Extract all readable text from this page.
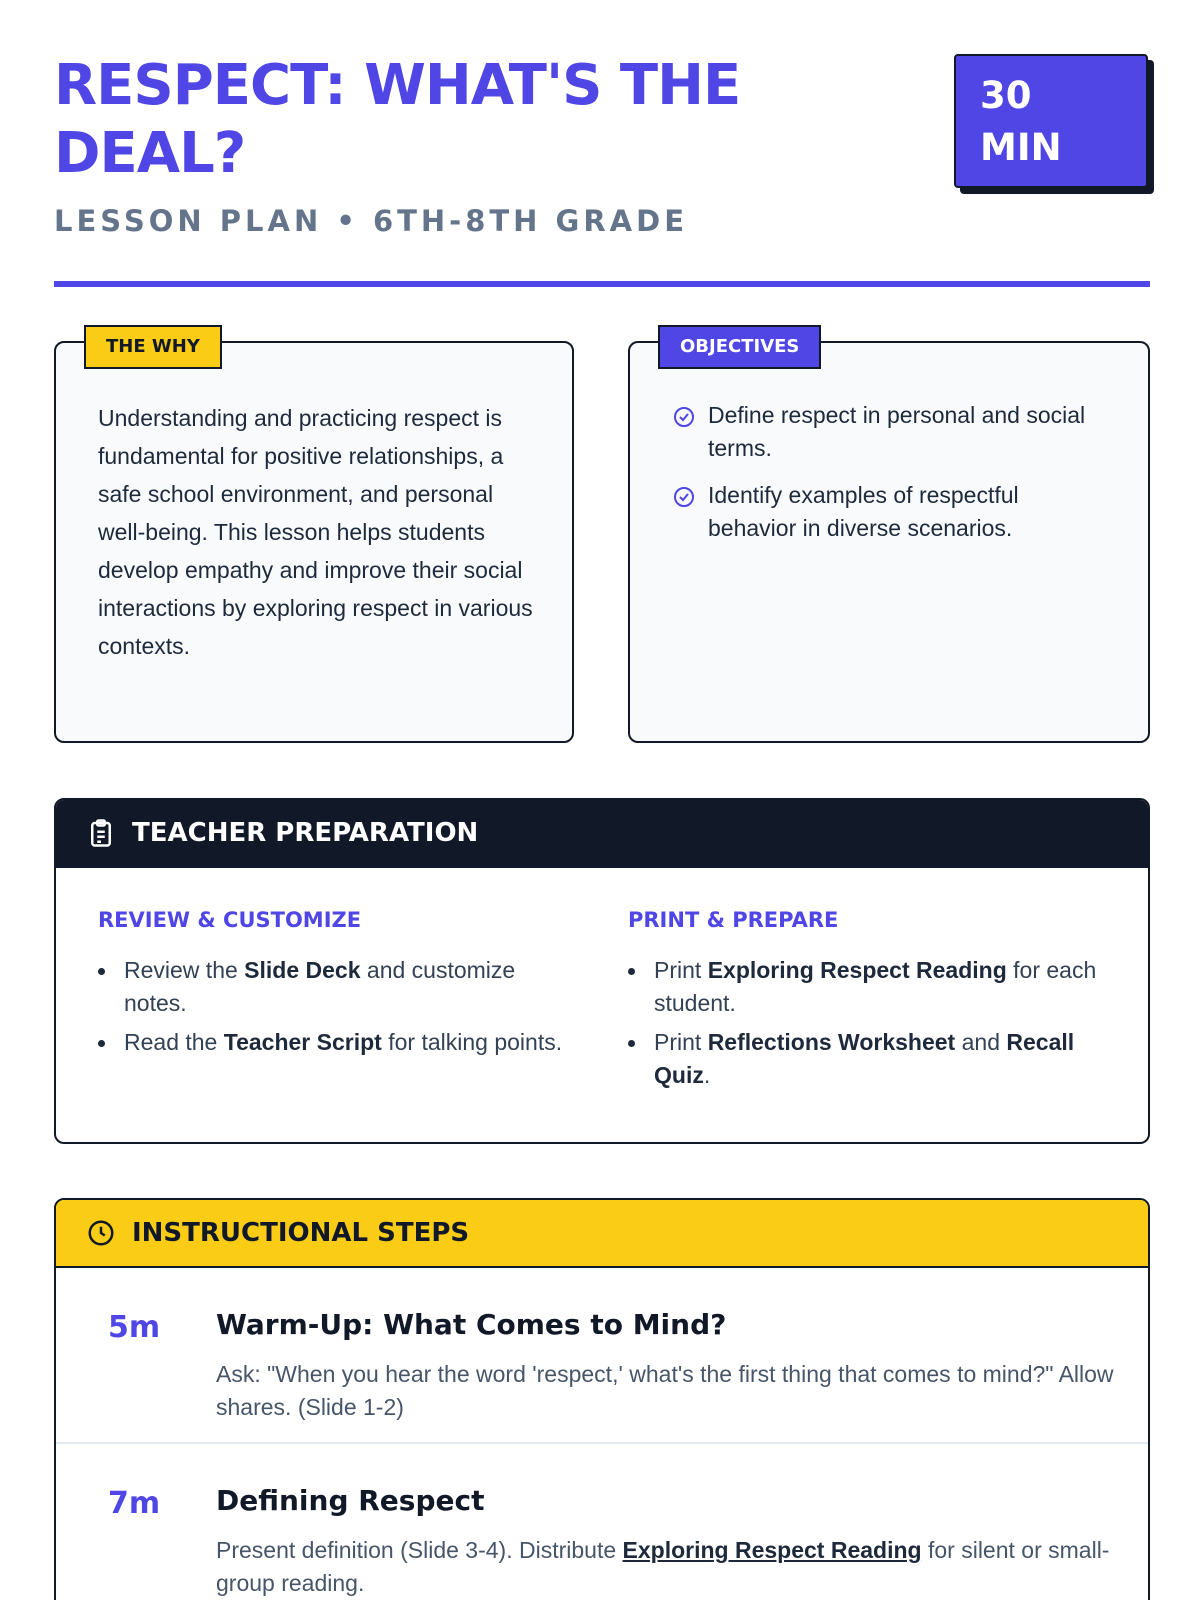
RESPECT: WHAT'S THE DEAL?
LESSON PLAN • 6TH-8TH GRADE
30 MIN
THE WHY

Understanding and practicing respect is fundamental for positive relationships, a safe school environment, and personal well-being. This lesson helps students develop empathy and improve their social interactions by exploring respect in various contexts.

OBJECTIVES
Define respect in personal and social terms.
Identify examples of respectful behavior in diverse scenarios.
TEACHER PREPARATION
REVIEW & CUSTOMIZE
Review the Slide Deck and customize notes.
Read the Teacher Script for talking points.
PRINT & PREPARE
Print Exploring Respect Reading for each student.
Print Reflections Worksheet and Recall Quiz.
INSTRUCTIONAL STEPS
5m Warm-Up: What Comes to Mind?

Ask: "When you hear the word 'respect,' what's the first thing that comes to mind?" Allow shares. (Slide 1-2)

7m Defining Respect

Present definition (Slide 3-4). Distribute Exploring Respect Reading for silent or small-group reading.
